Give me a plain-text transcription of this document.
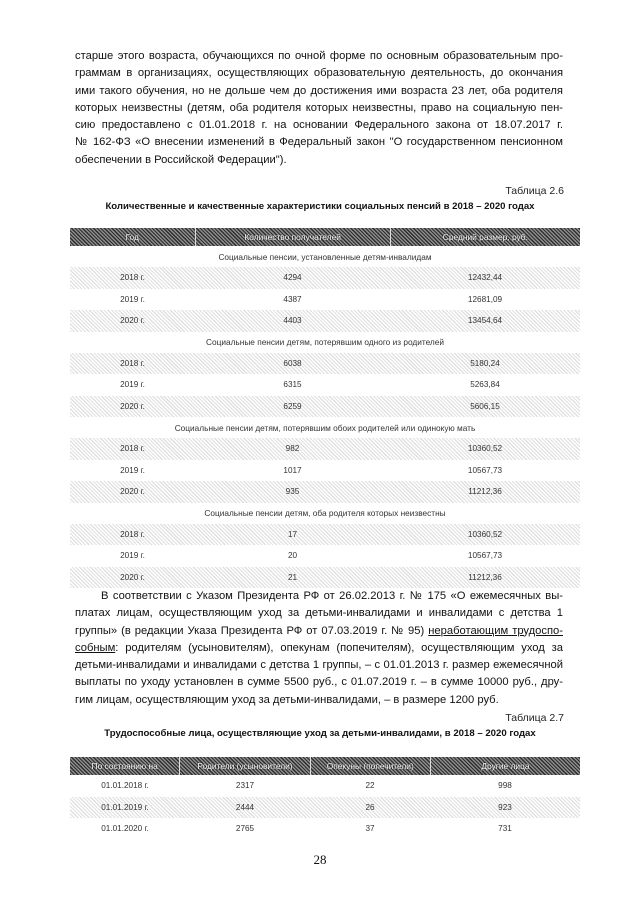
старше этого возраста, обучающихся по очной форме по основным образовательным про-
граммам в организациях, осуществляющих образовательную деятельность, до окончания
ими такого обучения, но не дольше чем до достижения ими возраста 23 лет, оба родителя
которых неизвестны (детям, оба родителя которых неизвестны, право на социальную пен-
сию предоставлено с 01.01.2018 г. на основании Федерального закона от 18.07.2017 г.
№ 162-ФЗ «О внесении изменений в Федеральный закон "О государственном пенсионном
обеспечении в Российской Федерации").

Таблица 2.6
Количественные и качественные характеристики социальных пенсий в 2018 – 2020 годах
Год	Количество получателей	Средний размер, руб.
Социальные пенсии, установленные детям-инвалидам
2018 г.	4294	12432,44
2019 г.	4387	12681,09
2020 г.	4403	13454,64
Социальные пенсии детям, потерявшим одного из родителей
2018 г.	6038	5180,24
2019 г.	6315	5263,84
2020 г.	6259	5606,15
Социальные пенсии детям, потерявшим обоих родителей или одинокую мать
2018 г.	982	10360,52
2019 г.	1017	10567,73
2020 г.	935	11212,36
Социальные пенсии детям, оба родителя которых неизвестны
2018 г.	17	10360,52
2019 г.	20	10567,73
2020 г.	21	11212,36

В соответствии с Указом Президента РФ от 26.02.2013 г. № 175 «О ежемесячных вы-
платах лицам, осуществляющим уход за детьми-инвалидами и инвалидами с детства 1
группы» (в редакции Указа Президента РФ от 07.03.2019 г. № 95) неработающим трудоспо-
собным: родителям (усыновителям), опекунам (попечителям), осуществляющим уход за
детьми-инвалидами и инвалидами с детства 1 группы, – с 01.01.2013 г. размер ежемесячной
выплаты по уходу установлен в сумме 5500 руб., с 01.07.2019 г. – в сумме 10000 руб., дру-
гим лицам, осуществляющим уход за детьми-инвалидами, – в размере 1200 руб.

Таблица 2.7
Трудоспособные лица, осуществляющие уход за детьми-инвалидами, в 2018 – 2020 годах
По состоянию на	Родители (усыновители)	Опекуны (попечители)	Другие лица
01.01.2018 г.	2317	22	998
01.01.2019 г.	2444	26	923
01.01.2020 г.	2765	37	731
28
